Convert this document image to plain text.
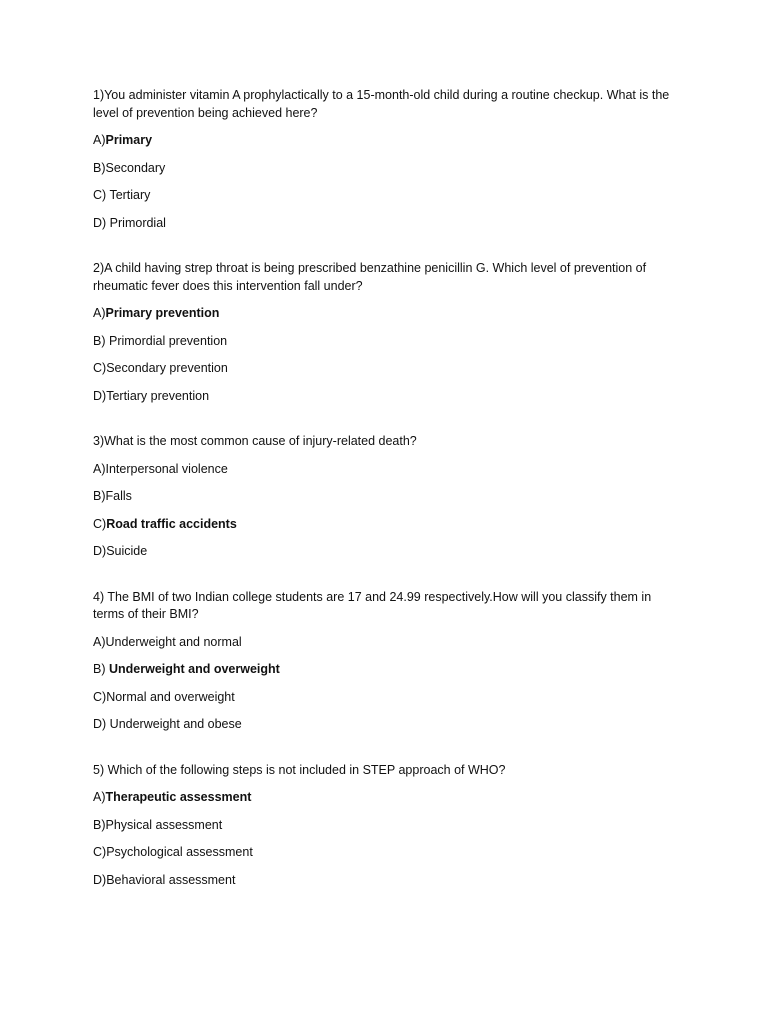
1)You administer vitamin A prophylactically to a 15-month-old child during a routine checkup. What is the level of prevention being achieved here?

A)Primary
B)Secondary
C) Tertiary
D) Primordial

2)A child having strep throat is being prescribed benzathine penicillin G. Which level of prevention of rheumatic fever does this intervention fall under?

A)Primary prevention
B) Primordial prevention
C)Secondary prevention
D)Tertiary prevention

3)What is the most common cause of injury-related death?

A)Interpersonal violence
B)Falls
C)Road traffic accidents
D)Suicide

4) The BMI of two Indian college students are 17 and 24.99 respectively.How will you classify them in terms of their BMI?

A)Underweight and normal
B) Underweight and overweight
C)Normal and overweight
D) Underweight and obese

5) Which of the following steps is not included in STEP approach of WHO?

A)Therapeutic assessment
B)Physical assessment
C)Psychological assessment
D)Behavioral assessment
